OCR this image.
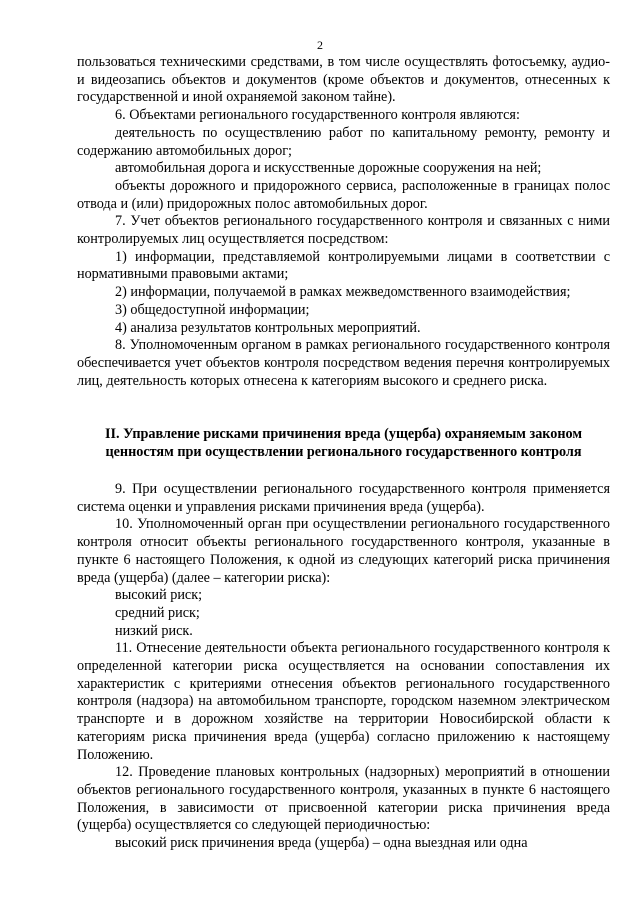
2

пользоваться техническими средствами, в том числе осуществлять фотосъемку, аудио- и видеозапись объектов и документов (кроме объектов и документов, отнесенных к государственной и иной охраняемой законом тайне).

6. Объектами регионального государственного контроля являются:

деятельность по осуществлению работ по капитальному ремонту, ремонту и содержанию автомобильных дорог;

автомобильная дорога и искусственные дорожные сооружения на ней;

объекты дорожного и придорожного сервиса, расположенные в границах полос отвода и (или) придорожных полос автомобильных дорог.

7. Учет объектов регионального государственного контроля и связанных с ними контролируемых лиц осуществляется посредством:

1) информации, представляемой контролируемыми лицами в соответствии с нормативными правовыми актами;

2) информации, получаемой в рамках межведомственного взаимодействия;

3) общедоступной информации;

4) анализа результатов контрольных мероприятий.

8. Уполномоченным органом в рамках регионального государственного контроля обеспечивается учет объектов контроля посредством ведения перечня контролируемых лиц, деятельность которых отнесена к категориям высокого и среднего риска.

II. Управление рисками причинения вреда (ущерба) охраняемым законом

ценностям при осуществлении регионального государственного контроля

9. При осуществлении регионального государственного контроля применяется система оценки и управления рисками причинения вреда (ущерба).

10. Уполномоченный орган при осуществлении регионального государственного контроля относит объекты регионального государственного контроля, указанные в пункте 6 настоящего Положения, к одной из следующих категорий риска причинения вреда (ущерба) (далее – категории риска):

высокий риск;

средний риск;

низкий риск.

11. Отнесение деятельности объекта регионального государственного контроля к определенной категории риска осуществляется на основании сопоставления их характеристик с критериями отнесения объектов регионального государственного контроля (надзора) на автомобильном транспорте, городском наземном электрическом транспорте и в дорожном хозяйстве на территории Новосибирской области к категориям риска причинения вреда (ущерба) согласно приложению к настоящему Положению.

12. Проведение плановых контрольных (надзорных) мероприятий в отношении объектов регионального государственного контроля, указанных в пункте 6 настоящего Положения, в зависимости от присвоенной категории риска причинения вреда (ущерба) осуществляется со следующей периодичностью:

высокий риск причинения вреда (ущерба) – одна выездная или одна
